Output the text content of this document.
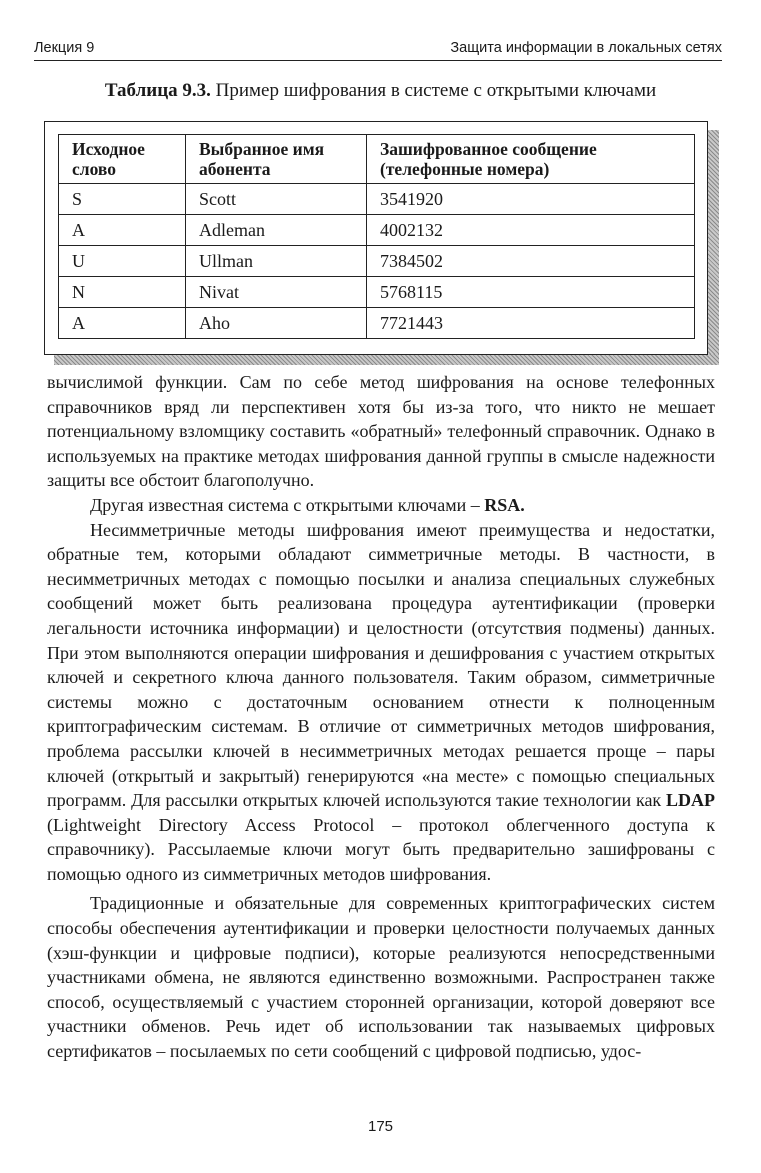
Лекция 9	Защита информации в локальных сетях
Таблица 9.3. Пример шифрования в системе с открытыми ключами
Исходное слово	Выбранное имя абонента	Зашифрованное сообщение (телефонные номера)
S	Scott	3541920
A	Adleman	4002132
U	Ullman	7384502
N	Nivat	5768115
A	Aho	7721443

вычислимой функции. Сам по себе метод шифрования на основе телефонных справочников вряд ли перспективен хотя бы из-за того, что никто не мешает потенциальному взломщику составить «обратный» телефонный справочник. Однако в используемых на практике методах шифрования данной группы в смысле надежности защиты все обстоит благополучно.

Другая известная система с открытыми ключами – RSA.

Несимметричные методы шифрования имеют преимущества и недостатки, обратные тем, которыми обладают симметричные методы. В частности, в несимметричных методах с помощью посылки и анализа специальных служебных сообщений может быть реализована процедура аутентификации (проверки легальности источника информации) и целостности (отсутствия подмены) данных. При этом выполняются операции шифрования и дешифрования с участием открытых ключей и секретного ключа данного пользователя. Таким образом, симметричные системы можно с достаточным основанием отнести к полноценным криптографическим системам. В отличие от симметричных методов шифрования, проблема рассылки ключей в несимметричных методах решается проще – пары ключей (открытый и закрытый) генерируются «на месте» с помощью специальных программ. Для рассылки открытых ключей используются такие технологии как LDAP (Lightweight Directory Access Protocol – протокол облегченного доступа к справочнику). Рассылаемые ключи могут быть предварительно зашифрованы с помощью одного из симметричных методов шифрования.

Традиционные и обязательные для современных криптографических систем способы обеспечения аутентификации и проверки целостности получаемых данных (хэш-функции и цифровые подписи), которые реализуются непосредственными участниками обмена, не являются единственно возможными. Распространен также способ, осуществляемый с участием сторонней организации, которой доверяют все участники обменов. Речь идет об использовании так называемых цифровых сертификатов – посылаемых по сети сообщений с цифровой подписью, удос-

175
